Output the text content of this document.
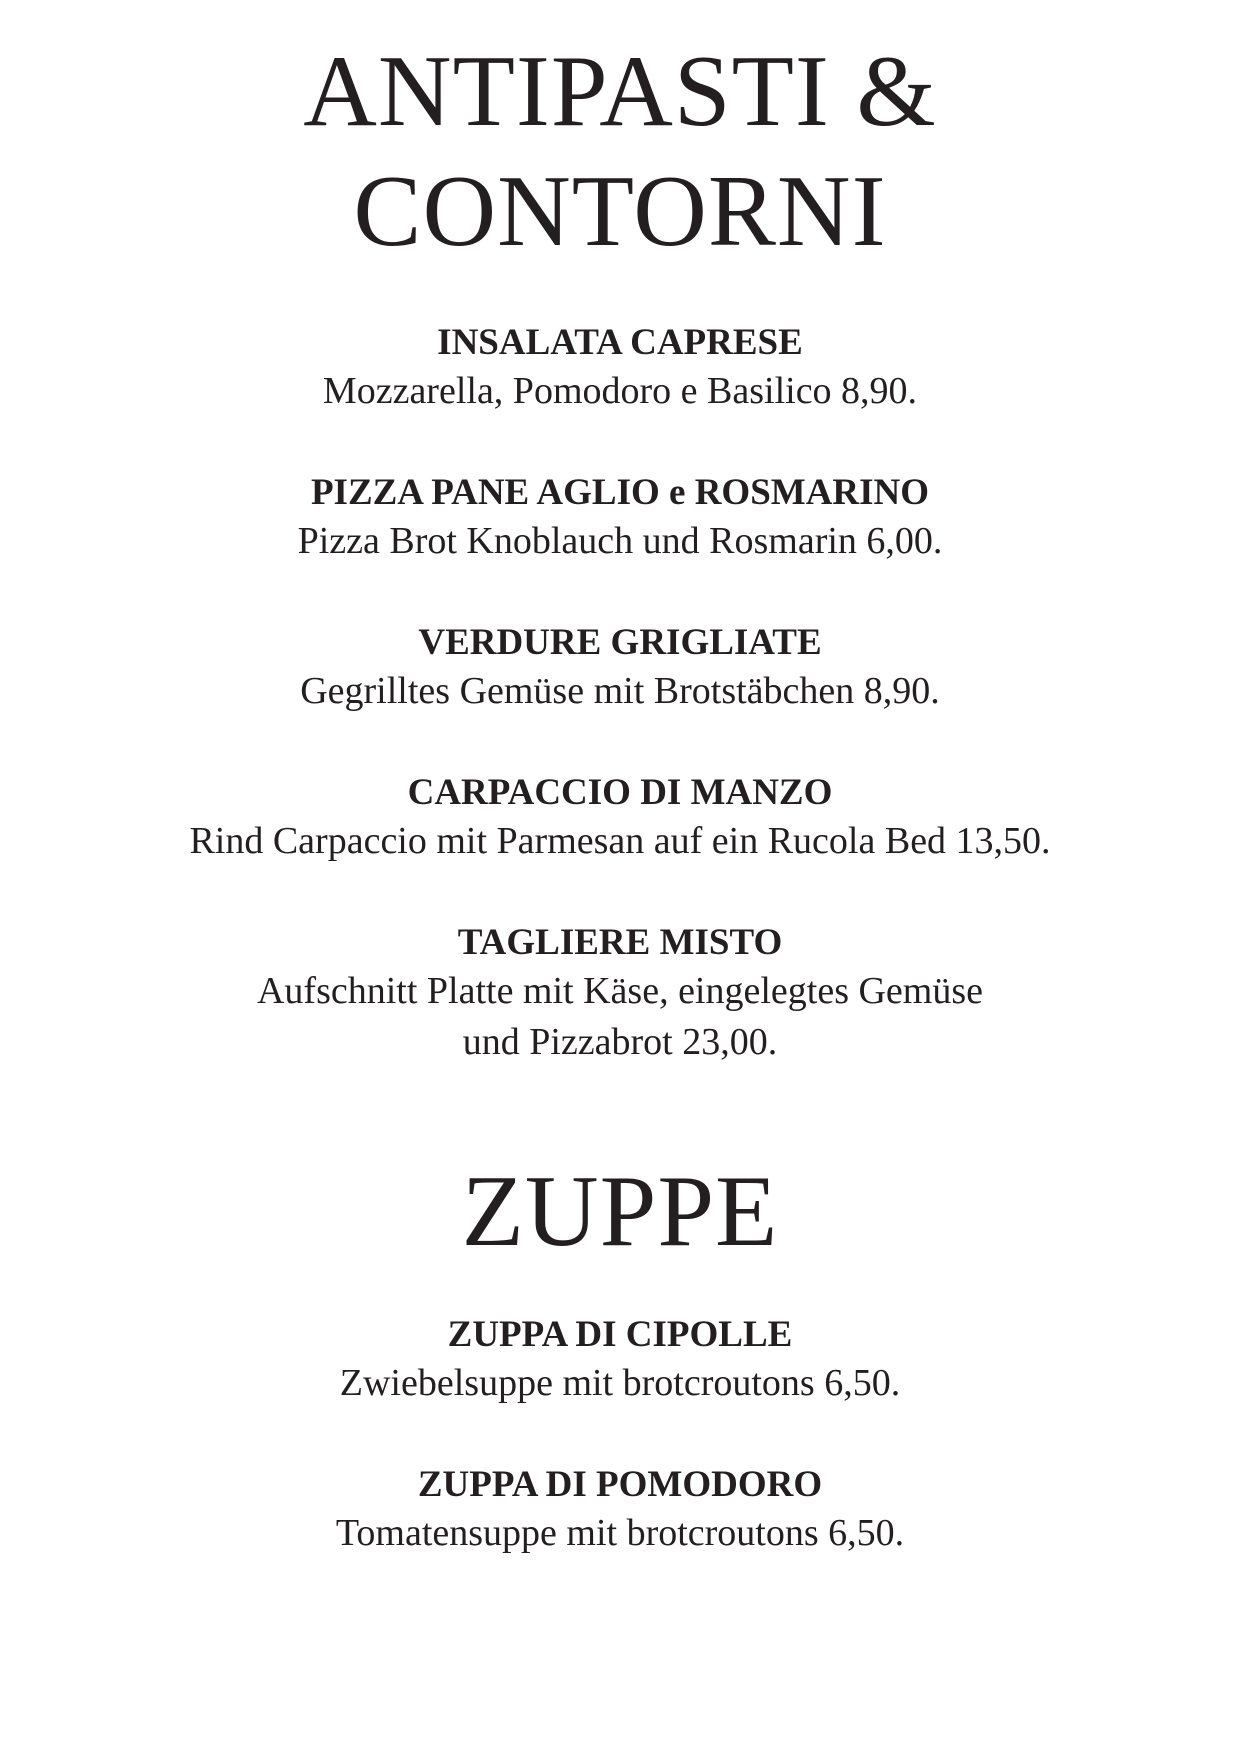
ANTIPASTI &
CONTORNI
INSALATA CAPRESE
Mozzarella, Pomodoro e Basilico 8,90.
PIZZA PANE AGLIO e ROSMARINO
Pizza Brot Knoblauch und Rosmarin 6,00.
VERDURE GRIGLIATE
Gegrilltes Gemüse mit Brotstäbchen 8,90.
CARPACCIO DI MANZO
Rind Carpaccio mit Parmesan auf ein Rucola Bed 13,50.
TAGLIERE MISTO
Aufschnitt Platte mit Käse, eingelegtes Gemüse
und Pizzabrot 23,00.
ZUPPE
ZUPPA DI CIPOLLE
Zwiebelsuppe mit brotcroutons 6,50.
ZUPPA DI POMODORO
Tomatensuppe mit brotcroutons 6,50.
